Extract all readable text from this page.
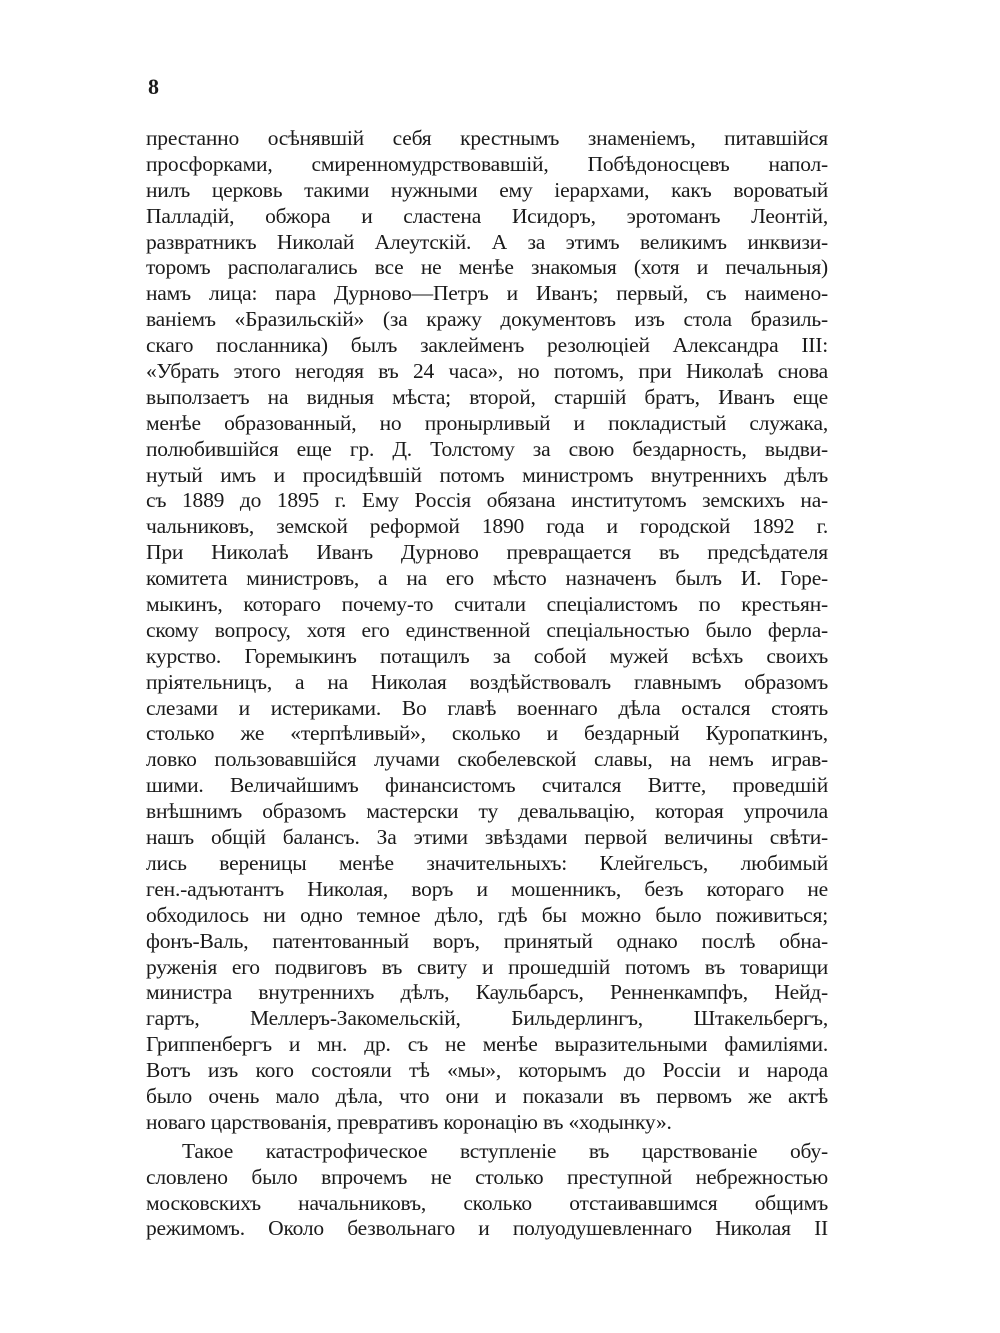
8
престанно осѣнявшій себя крестнымъ знаменіемъ, питавшійся
просфорками, смиренномудрствовавшій, Побѣдоносцевъ напол-
нилъ церковь такими нужными ему іерархами, какъ вороватый
Палладій, обжора и сластена Исидоръ, эротоманъ Леонтій,
развратникъ Николай Алеутскій. А за этимъ великимъ инквизи-
торомъ располагались все не менѣе знакомыя (хотя и печальныя)
намъ лица: пара Дурново—Петръ и Иванъ; первый, съ наимено-
ваніемъ «Бразильскій» (за кражу документовъ изъ стола бразиль-
скаго посланника) былъ заклейменъ резолюціей Александра III:
«Убрать этого негодяя въ 24 часа», но потомъ, при Николаѣ снова
выползаетъ на видныя мѣста; второй, старшій братъ, Иванъ еще
менѣе образованный, но пронырливый и покладистый служака,
полюбившійся еще гр. Д. Толстому за свою бездарность, выдви-
нутый имъ и просидѣвшій потомъ министромъ внутреннихъ дѣлъ
съ 1889 до 1895 г. Ему Россія обязана институтомъ земскихъ на-
чальниковъ, земской реформой 1890 года и городской 1892 г.
При Николаѣ Иванъ Дурново превращается въ предсѣдателя
комитета министровъ, а на его мѣсто назначенъ былъ И. Горе-
мыкинъ, котораго почему-то считали спеціалистомъ по крестьян-
скому вопросу, хотя его единственной спеціальностью было ферла-
курство. Горемыкинъ потащилъ за собой мужей всѣхъ своихъ
пріятельницъ, а на Николая воздѣйствовалъ главнымъ образомъ
слезами и истериками. Во главѣ военнаго дѣла остался стоять
столько же «терпѣливый», сколько и бездарный Куропаткинъ,
ловко пользовавшійся лучами скобелевской славы, на немъ играв-
шими. Величайшимъ финансистомъ считался Витте, проведшій
внѣшнимъ образомъ мастерски ту девальвацію, которая упрочила
нашъ общій балансъ. За этими звѣздами первой величины свѣти-
лись вереницы менѣе значительныхъ: Клейгельсъ, любимый
ген.-адъютантъ Николая, воръ и мошенникъ, безъ котораго не
обходилось ни одно темное дѣло, гдѣ бы можно было поживиться;
фонъ-Валь, патентованный воръ, принятый однако послѣ обна-
руженія его подвиговъ въ свиту и прошедшій потомъ въ товарищи
министра внутреннихъ дѣлъ, Каульбарсъ, Ренненкампфъ, Нейд-
гартъ, Меллеръ-Закомельскій, Бильдерлингъ, Штакельбергъ,
Гриппенбергъ и мн. др. съ не менѣе выразительными фамиліями.
Вотъ изъ кого состояли тѣ «мы», которымъ до Россіи и народа
было очень мало дѣла, что они и показали въ первомъ же актѣ
новаго царствованія, превративъ коронацію въ «ходынку».
Такое катастрофическое вступленіе въ царствованіе обу-
словлено было впрочемъ не столько преступной небрежностью
московскихъ начальниковъ, сколько отстаивавшимся общимъ
режимомъ. Около безвольнаго и полуодушевленнаго Николая II
